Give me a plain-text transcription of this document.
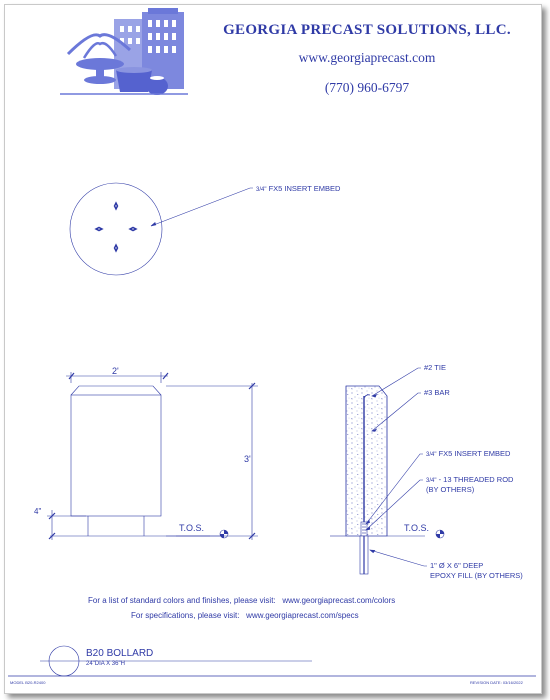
GEORGIA PRECAST SOLUTIONS, LLC.
www.georgiaprecast.com
(770) 960-6797
3/4" FX5 INSERT EMBED
2'
3'
4"
T.O.S.
#2 TIE
#3 BAR
3/4" FX5 INSERT EMBED
3/4" - 13 THREADED ROD
(BY OTHERS)
T.O.S.
1" Ø X 6" DEEP
EPOXY FILL (BY OTHERS)
For a list of standard colors and finishes, please visit: www.georgiaprecast.com/colors
For specifications, please visit: www.georgiaprecast.com/specs
B20 BOLLARD
24"DIA X 36"H
MODEL B20-R2400	REVISION DATE: 03/16/2022
